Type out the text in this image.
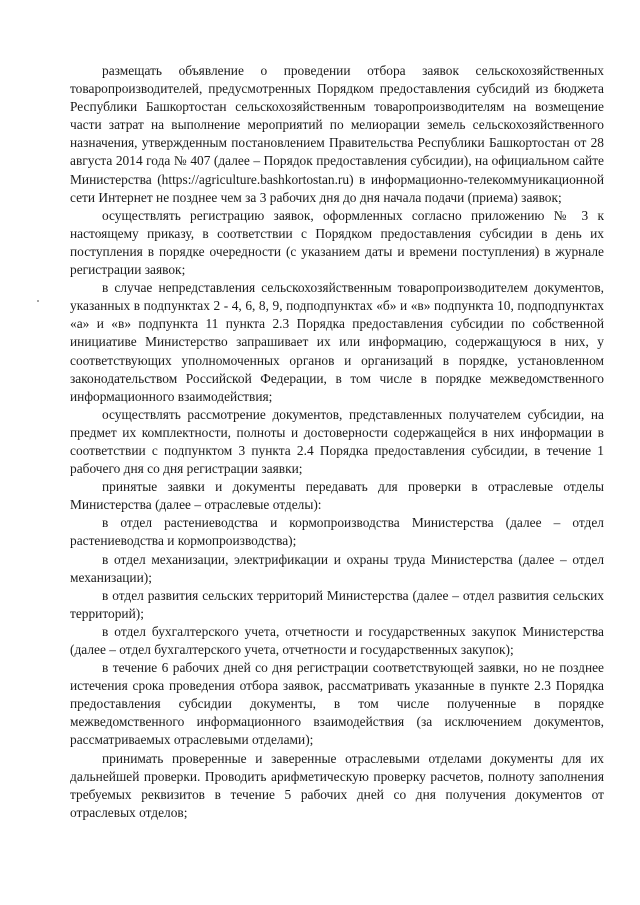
размещать объявление о проведении отбора заявок сельскохозяйственных товаропроизводителей, предусмотренных Порядком предоставления субсидий из бюджета Республики Башкортостан сельскохозяйственным товаропроизводителям на возмещение части затрат на выполнение мероприятий по мелиорации земель сельскохозяйственного назначения, утвержденным постановлением Правительства Республики Башкортостан от 28 августа 2014 года № 407 (далее – Порядок предоставления субсидии), на официальном сайте Министерства (https://agriculture.bashkortostan.ru) в информационно-телекоммуникационной сети Интернет не позднее чем за 3 рабочих дня до дня начала подачи (приема) заявок;

осуществлять регистрацию заявок, оформленных согласно приложению № 3 к настоящему приказу, в соответствии с Порядком предоставления субсидии в день их поступления в порядке очередности (с указанием даты и времени поступления) в журнале регистрации заявок;

в случае непредставления сельскохозяйственным товаропроизводителем документов, указанных в подпунктах 2 - 4, 6, 8, 9, подподпунктах «б» и «в» подпункта 10, подподпунктах «а» и «в» подпункта 11 пункта 2.3 Порядка предоставления субсидии по собственной инициативе Министерство запрашивает их или информацию, содержащуюся в них, у соответствующих уполномоченных органов и организаций в порядке, установленном законодательством Российской Федерации, в том числе в порядке межведомственного информационного взаимодействия;

осуществлять рассмотрение документов, представленных получателем субсидии, на предмет их комплектности, полноты и достоверности содержащейся в них информации в соответствии с подпунктом 3 пункта 2.4 Порядка предоставления субсидии, в течение 1 рабочего дня со дня регистрации заявки;

принятые заявки и документы передавать для проверки в отраслевые отделы Министерства (далее – отраслевые отделы):

в отдел растениеводства и кормопроизводства Министерства (далее – отдел растениеводства и кормопроизводства);

в отдел механизации, электрификации и охраны труда Министерства (далее – отдел механизации);

в отдел развития сельских территорий Министерства (далее – отдел развития сельских территорий);

в отдел бухгалтерского учета, отчетности и государственных закупок Министерства (далее – отдел бухгалтерского учета, отчетности и государственных закупок);

в течение 6 рабочих дней со дня регистрации соответствующей заявки, но не позднее истечения срока проведения отбора заявок, рассматривать указанные в пункте 2.3 Порядка предоставления субсидии документы, в том числе полученные в порядке межведомственного информационного взаимодействия (за исключением документов, рассматриваемых отраслевыми отделами);

принимать проверенные и заверенные отраслевыми отделами документы для их дальнейшей проверки. Проводить арифметическую проверку расчетов, полноту заполнения требуемых реквизитов в течение 5 рабочих дней со дня получения документов от отраслевых отделов;
